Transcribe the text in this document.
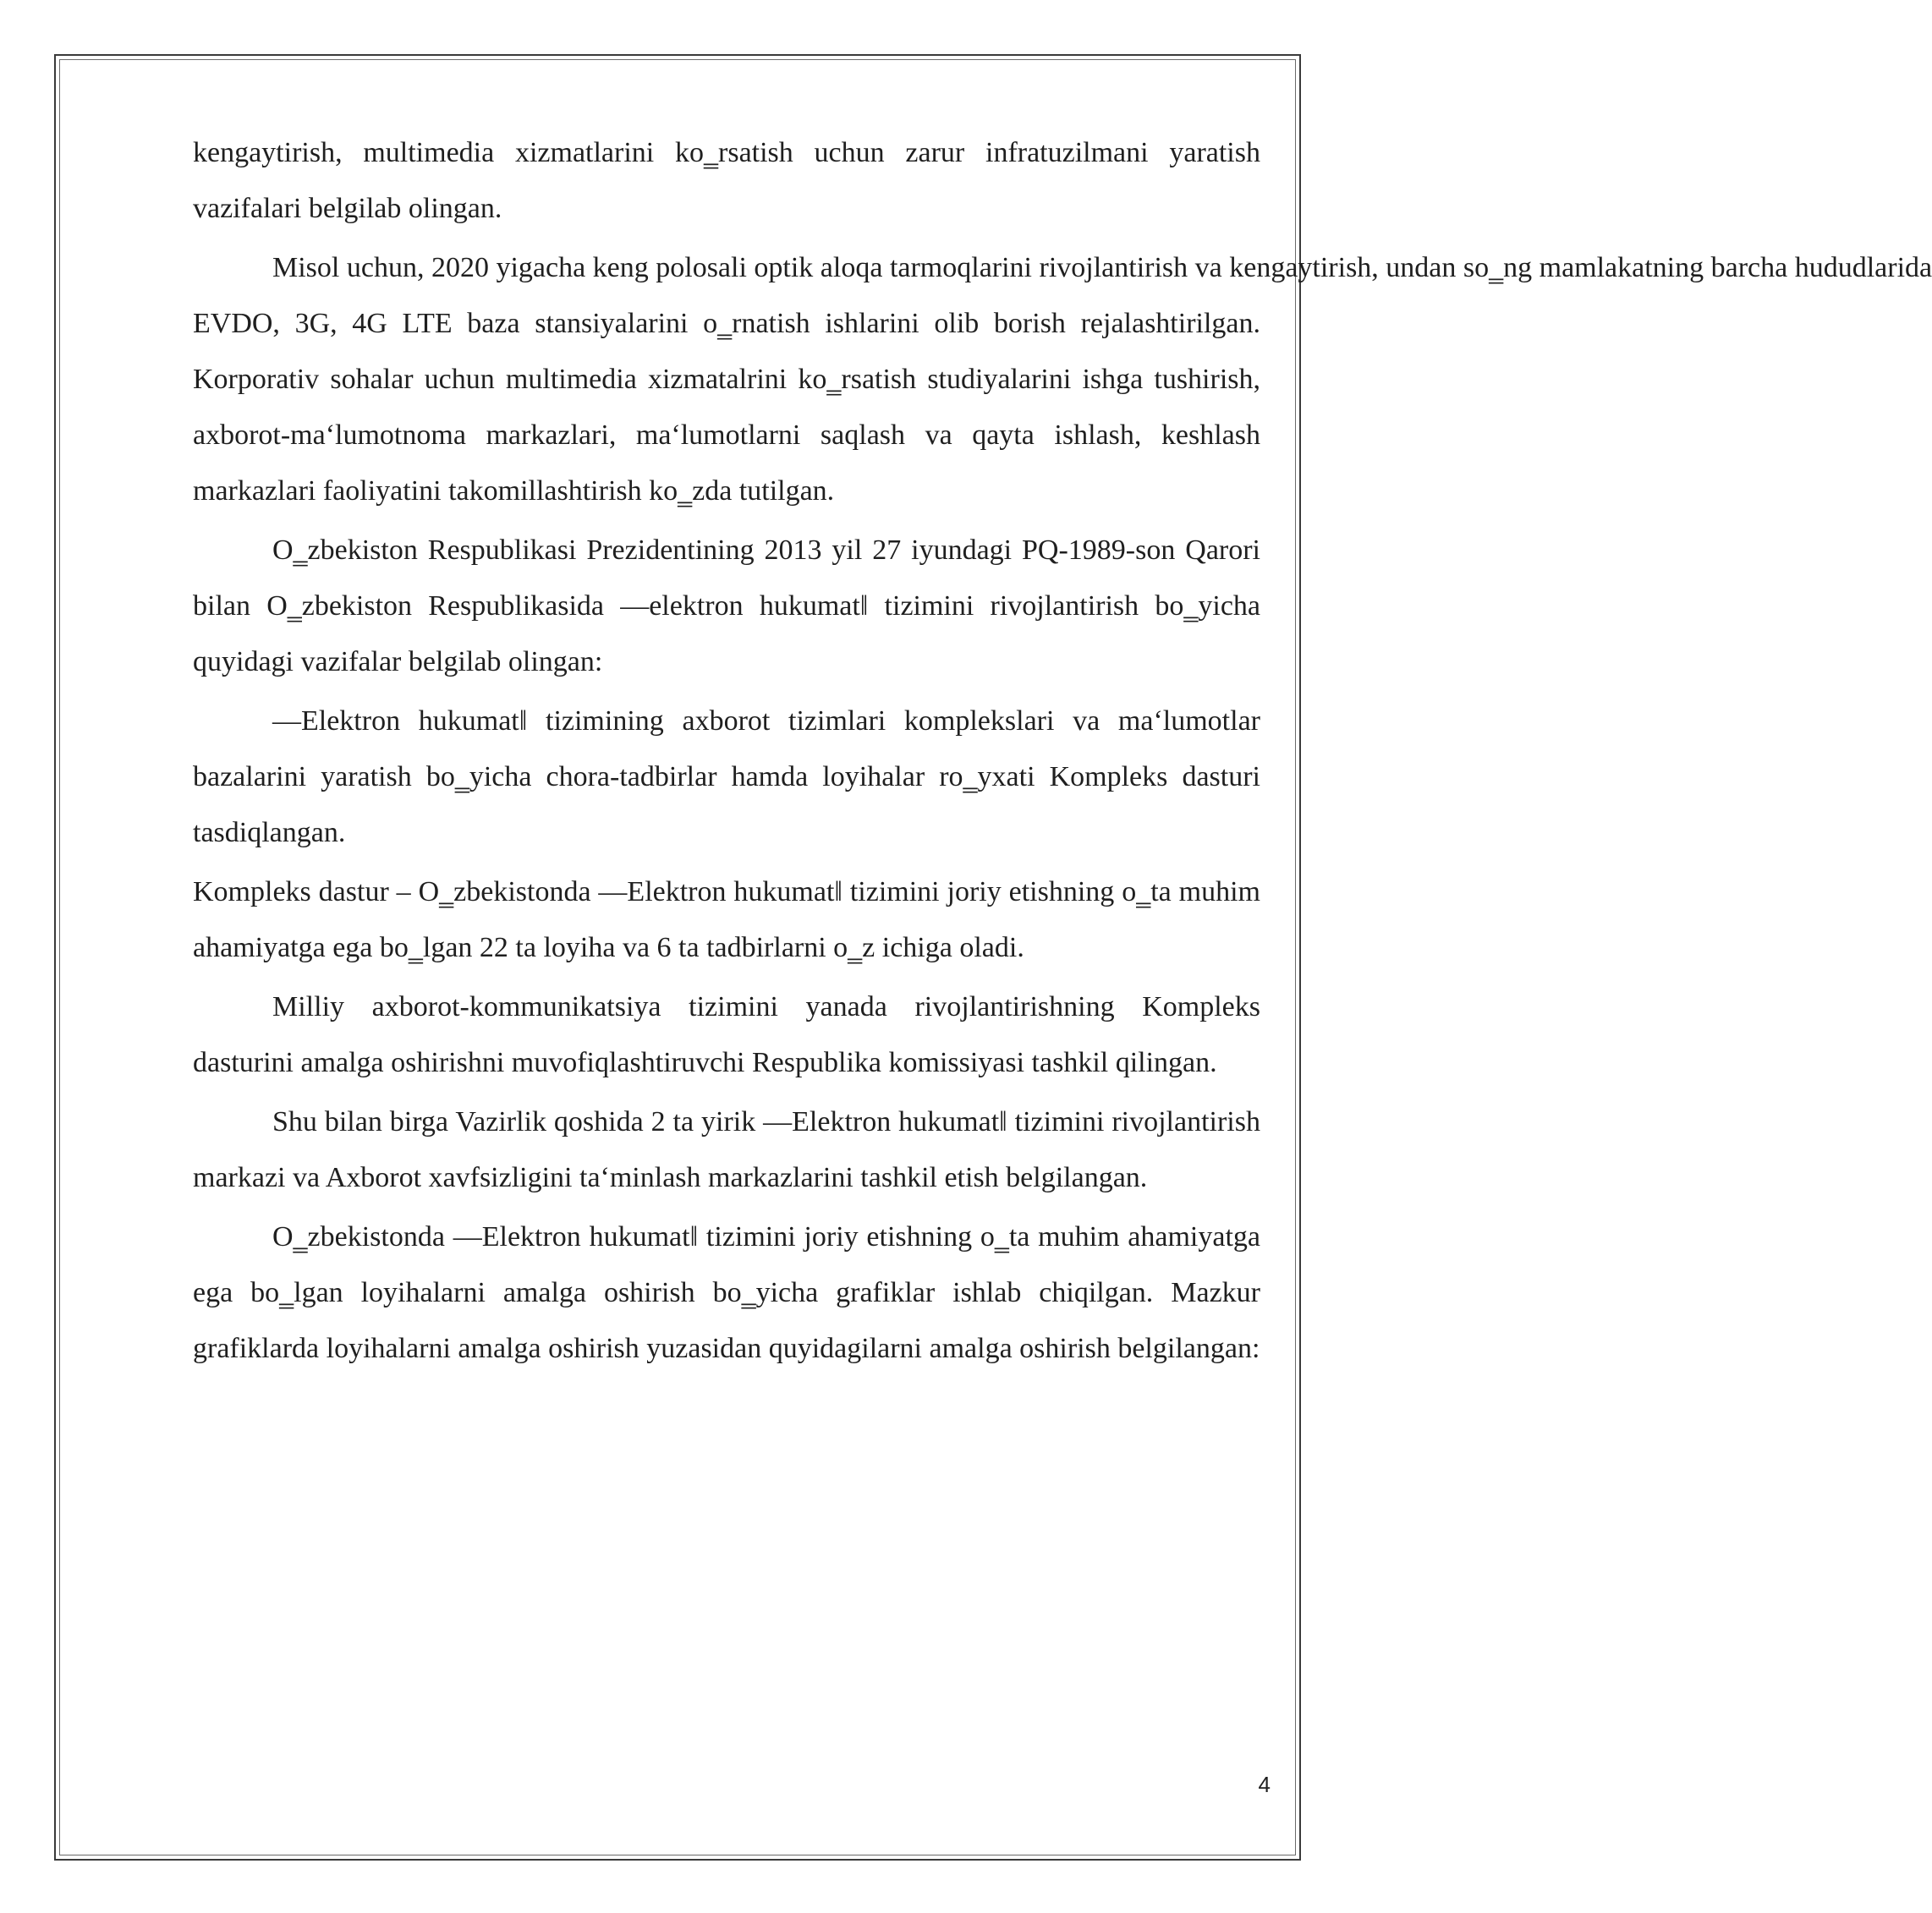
kengaytirish, multimedia xizmatlarini ko‗rsatish uchun zarur infratuzilmani yaratish vazifalari belgilab olingan.

Misol uchun, 2020 yigacha keng polosali optik aloqa tarmoqlarini rivojlantirish va kengaytirish, undan so‗ng mamlakatning barcha hududlarida

EVDO, 3G, 4G LTE baza stansiyalarini o‗rnatish ishlarini olib borish rejalashtirilgan. Korporativ sohalar uchun multimedia xizmatalrini ko‗rsatish studiyalarini ishga tushirish, axborot-ma‘lumotnoma markazlari, ma‘lumotlarni saqlash va qayta ishlash, keshlash markazlari faoliyatini takomillashtirish ko‗zda tutilgan.

O‗zbekiston Respublikasi Prezidentining 2013 yil 27 iyundagi PQ-1989-son Qarori bilan O‗zbekiston Respublikasida ―elektron hukumat‖ tizimini rivojlantirish bo‗yicha quyidagi vazifalar belgilab olingan:

―Elektron hukumat‖ tizimining axborot tizimlari komplekslari va ma‘lumotlar bazalarini yaratish bo‗yicha chora-tadbirlar hamda loyihalar ro‗yxati Kompleks dasturi tasdiqlangan.

Kompleks dastur – O‗zbekistonda ―Elektron hukumat‖ tizimini joriy etishning o‗ta muhim ahamiyatga ega bo‗lgan 22 ta loyiha va 6 ta tadbirlarni o‗z ichiga oladi.

Milliy axborot-kommunikatsiya tizimini yanada rivojlantirishning Kompleks dasturini amalga oshirishni muvofiqlashtiruvchi Respublika komissiyasi tashkil qilingan.

Shu bilan birga Vazirlik qoshida 2 ta yirik ―Elektron hukumat‖ tizimini rivojlantirish markazi va Axborot xavfsizligini ta‘minlash markazlarini tashkil etish belgilangan.

O‗zbekistonda ―Elektron hukumat‖ tizimini joriy etishning o‗ta muhim ahamiyatga ega bo‗lgan loyihalarni amalga oshirish bo‗yicha grafiklar ishlab chiqilgan. Mazkur grafiklarda loyihalarni amalga oshirish yuzasidan quyidagilarni amalga oshirish belgilangan:

4
